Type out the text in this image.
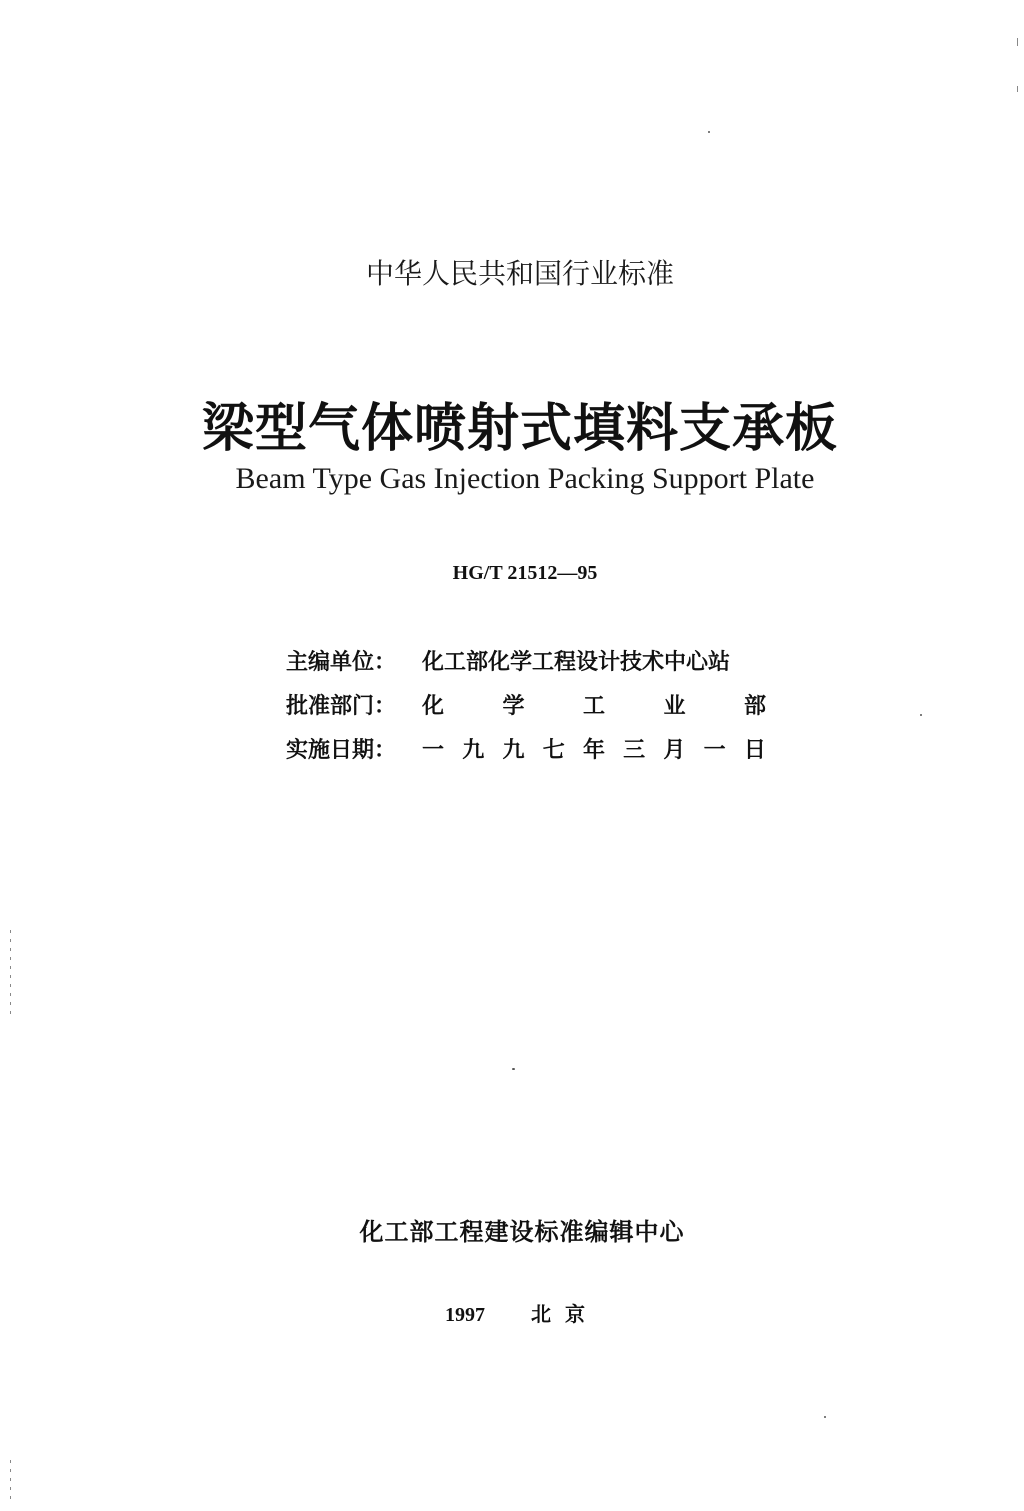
中华人民共和国行业标准
梁型气体喷射式填料支承板
Beam Type Gas Injection Packing Support Plate
HG/T 21512—95
主编单位： 化工部化学工程设计技术中心站
批准部门： 化	学	工	业	部
实施日期： 一 九 九 七 年 三 月 一 日
化工部工程建设标准编辑中心
1997 北京
